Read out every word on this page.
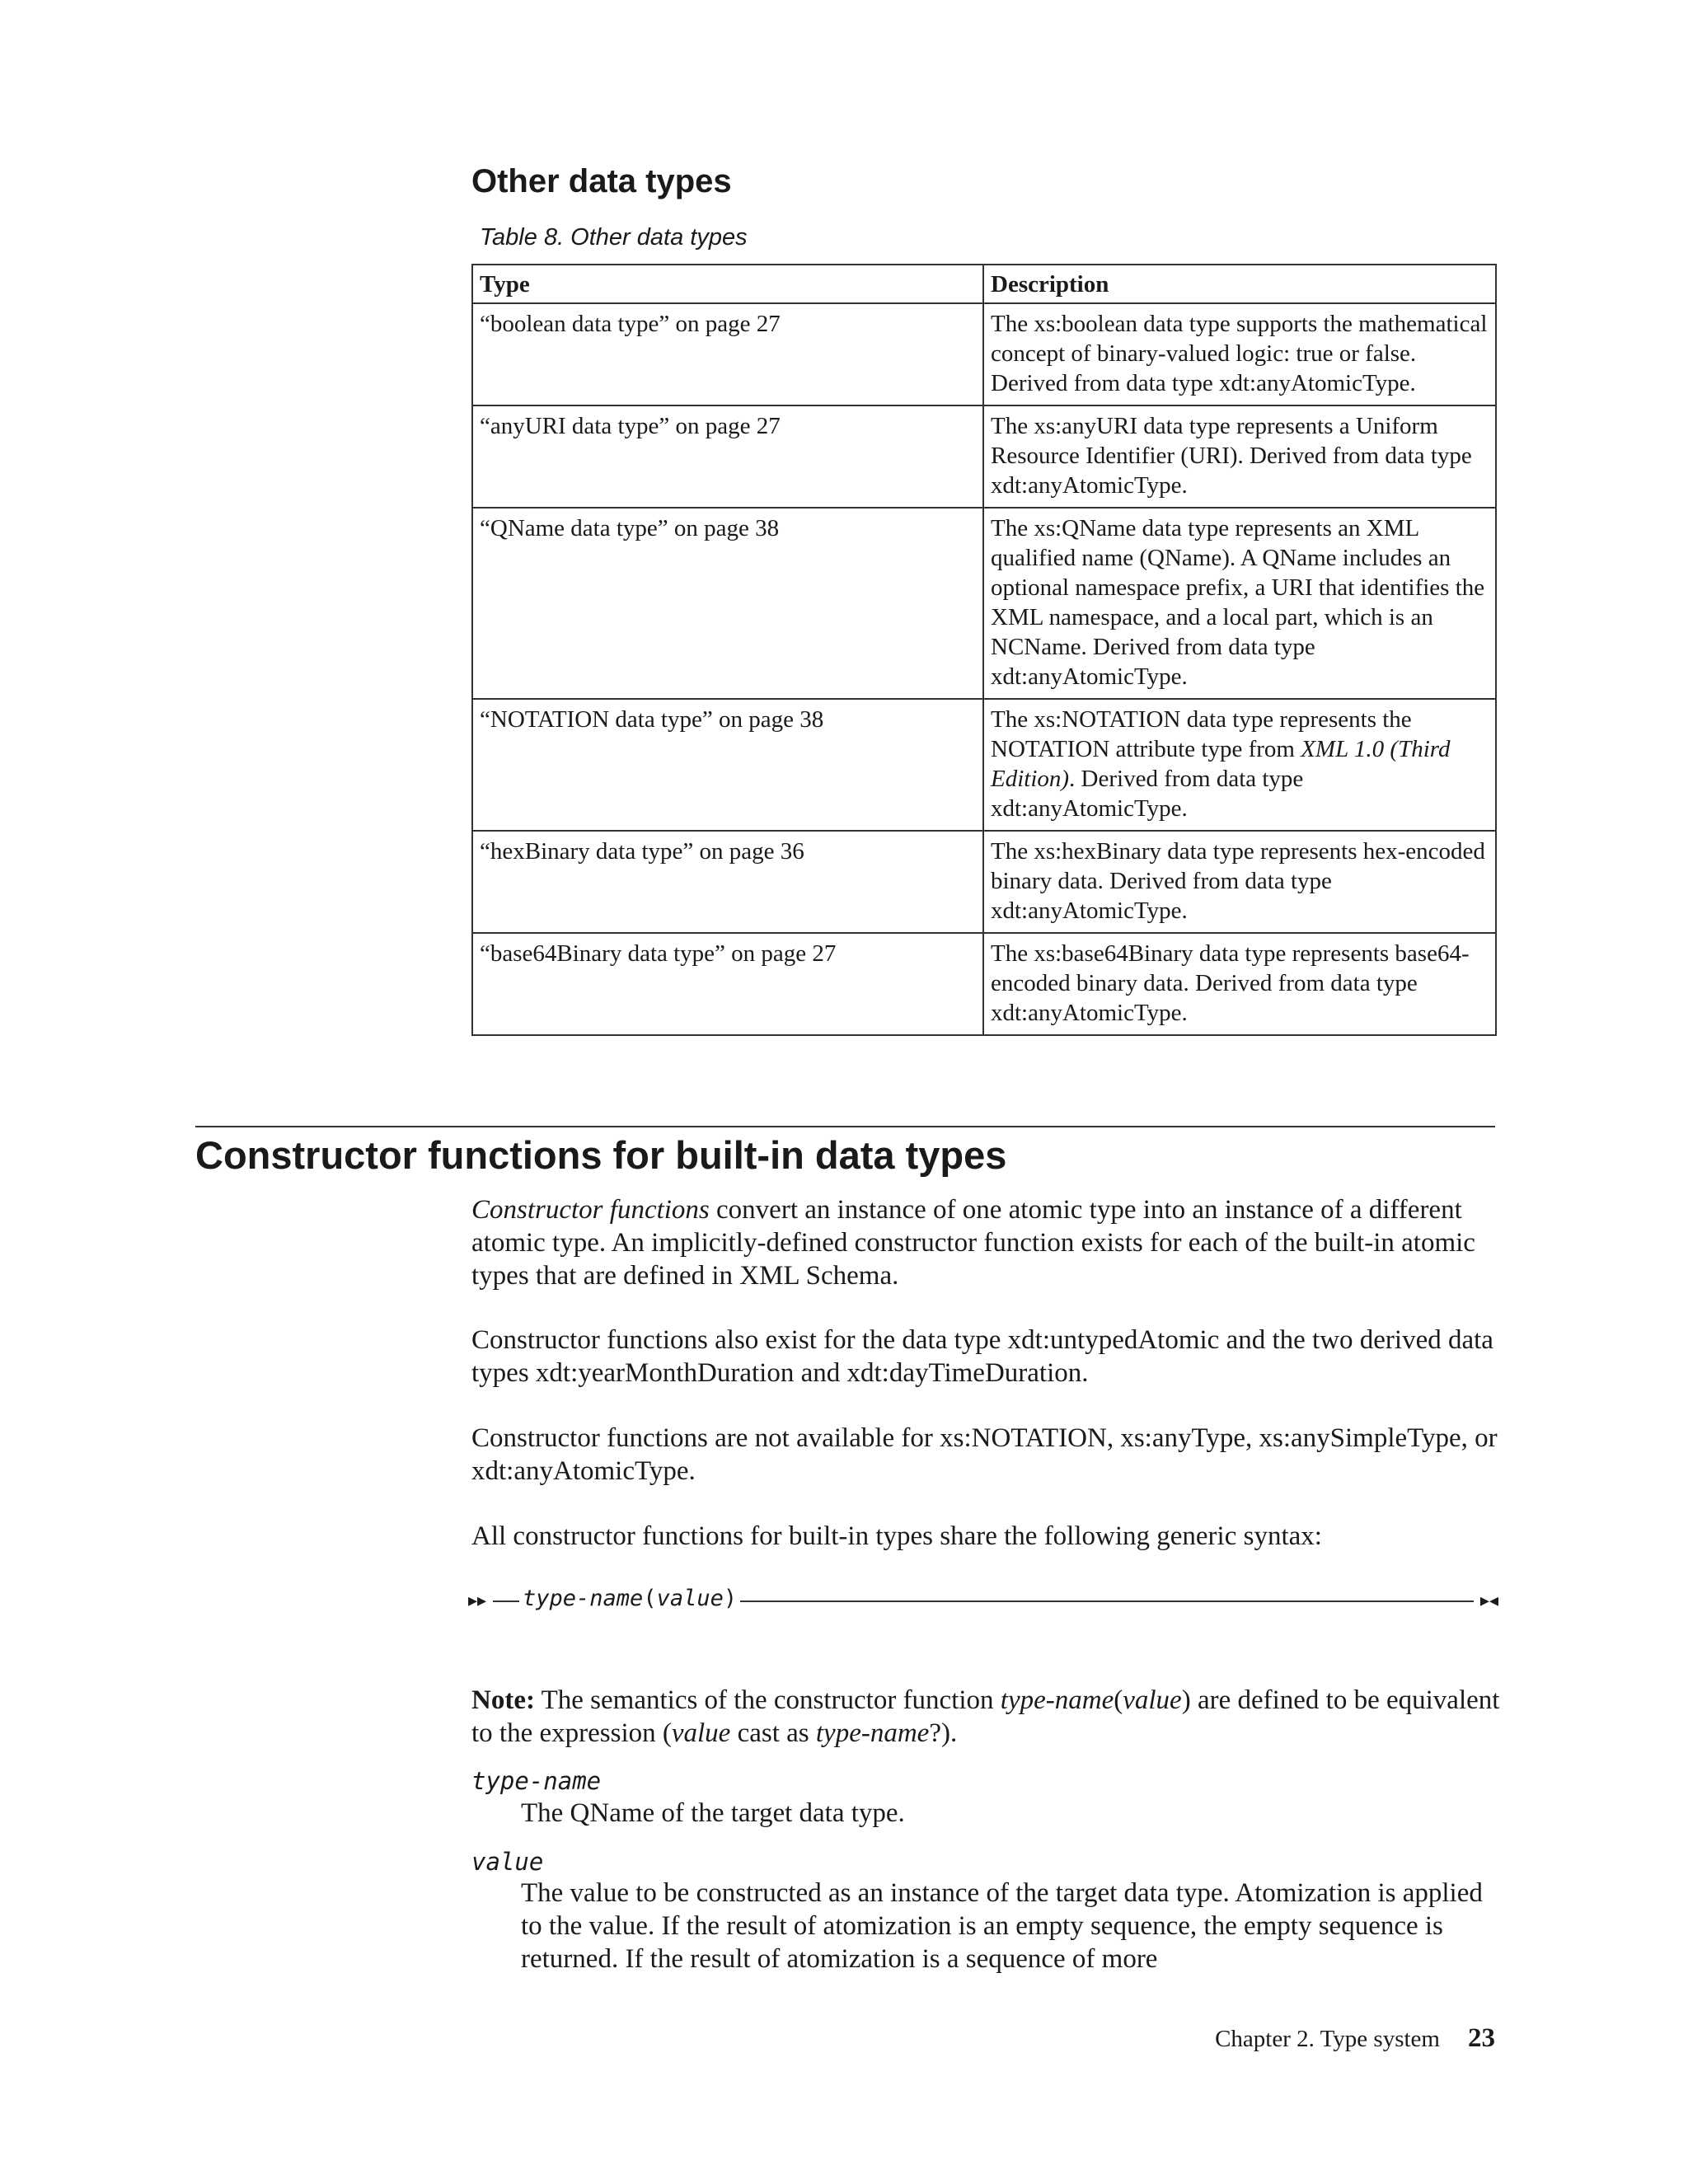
Other data types
Table 8. Other data types
Type	Description
“boolean data type” on page 27	The xs:boolean data type supports the mathematical concept of binary-valued logic: true or false. Derived from data type xdt:anyAtomicType.
“anyURI data type” on page 27	The xs:anyURI data type represents a Uniform Resource Identifier (URI). Derived from data type xdt:anyAtomicType.
“QName data type” on page 38	The xs:QName data type represents an XML qualified name (QName). A QName includes an optional namespace prefix, a URI that identifies the XML namespace, and a local part, which is an NCName. Derived from data type xdt:anyAtomicType.
“NOTATION data type” on page 38	The xs:NOTATION data type represents the NOTATION attribute type from XML 1.0 (Third Edition). Derived from data type xdt:anyAtomicType.
“hexBinary data type” on page 36	The xs:hexBinary data type represents hex-encoded binary data. Derived from data type xdt:anyAtomicType.
“base64Binary data type” on page 27	The xs:base64Binary data type represents base64-encoded binary data. Derived from data type xdt:anyAtomicType.
Constructor functions for built-in data types

Constructor functions convert an instance of one atomic type into an instance of a different atomic type. An implicitly-defined constructor function exists for each of the built-in atomic types that are defined in XML Schema.

Constructor functions also exist for the data type xdt:untypedAtomic and the two derived data types xdt:yearMonthDuration and xdt:dayTimeDuration.

Constructor functions are not available for xs:NOTATION, xs:anyType, xs:anySimpleType, or xdt:anyAtomicType.

All constructor functions for built-in types share the following generic syntax:

▸▸ type-name(value)	▸◂

Note: The semantics of the constructor function type-name(value) are defined to be equivalent to the expression (value cast as type-name?).

type-name

The QName of the target data type.

value

The value to be constructed as an instance of the target data type. Atomization is applied to the value. If the result of atomization is an empty sequence, the empty sequence is returned. If the result of atomization is a sequence of more

Chapter 2. Type system 23
